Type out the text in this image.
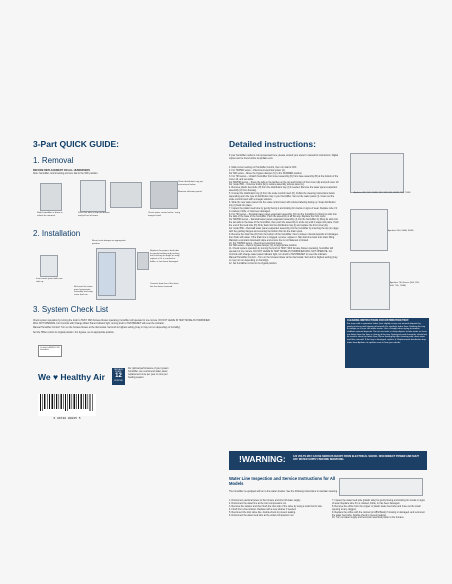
3-Part QUICK GUIDE:
1. Removal
BEFORE REPLACEMENT ON ALL HUMIDIFIERS
Note: humidifier control setting and turn dial to the OFF position.
Clean distribution tray per instructions below.
Remove old water panel.
Slide humidifier in down to unlock for removal.
Press the tabs at top and bottom and pull out of frame.
Check water control valve / using images listed.
2. Installation
Reset scale damper to appropriate position.
Insert water panel with new side up.
Replace the proper, feed tube for gently feeding and pushing into crossing an angle or snap; replace it if it is cracked or brittle, or has been damaged.
Re-Insert the water panel evaporator assembly and snap cover back on.
Connect drain line if the drain line has been removed.
3. System Check List
Check system operation by turning the knob to TEST. With furnace blower operating, humidifier will operate for one minute. DO NOT LEAVE IN TEST MODE AS HUMIDIFIER WILL NOT OPERATE. For Controls with Change Water Panel Indicator light, turning knob to TEST/RESET will reset the indicator.
Manual Humidifier Control: Turn on the furnace blower at the thermostat. Set knob to highest setting (may or may not run depending on humidity).
Set the Hfiller control to original position. For bypass, set to appropriate position.
Certified to ANSI/UL 998 Humidifiers
We ♥ Healthy Air
REPLACE EVERY
12
MONTHS
For optimal performance of your system humidifier, we recommend water panel replacement once per year or once per heating season.
6 86720 00035 5
Detailed instructions:
If your humidifier model is not represented here, please consult your owner's manual for instructions. Digital copies can be found online at aprilaire.com.
1. Mark current setting on Humidifier Control, then turn dial to OFF.
2. For 700/500 series – Disconnect electrical power (2).
For 600 series – Move the bypass damper (C) to the SUMMER position.
3. For 700 series – Unlatch humidifier front cover assembly (D) from base assembly (B) at the bottom of the cover, tilt, and set aside.
For 600/500 series – Press the tabs in the latches on the top and bottom of front cover (E) and pull cover off.
For model 560 – Unscrew knobs (E) to reduce assembly access panel (L).
4. Remove plastic feed tube (H) from the distribution tray (I) if needed. Remove the water panel evaporator assembly (J) from housing.
5. Unsnap the distribution tray (I) from the scale control insert (K). Follow the cleaning instructions below depending upon the type of distribution tray in your humidifier. Set out the water panel (J). Clean out the scale control insert with a vinegar solution.
6. Slide the new water panel into the scale control insert with colored labeling facing up. Snap distribution tray (I) back into place.
7. Inspect the plastic feed tube by gently flexing it and looking for cracks or signs of wear. Replace tube if it is cracked, brittle, or has been damaged.
8. For 700 series – Reinstall water panel evaporator assembly (O) into the humidifier by fitting its slots into the tabs of the base of the humidifier. Push the assembly in all the way. Replace the front cover.
For 600/500 series – Reinstall water panel evaporator assembly (J) into the humidifier by fitting its slots into the two tabs in the base of the humidifier, then push the assembly in at the top until it snaps into place. Push the end of the feed tube (H) firmly back into the distribution tray (I) and replace the front cover (E).
For model 560 – Reinstall water panel evaporator assembly into the humidifier by inserting the top (or edge) with the guiding flanges and ensuring the bottom fits into the drain spout.
9. Remove the drain line (D) from the bottom of the humidifier. Flex to loosen mineral deposits or blockages, then flush with water. If the drain line is clogged, remove, replace it. Slip drain line back onto drain fitting. Maintain a constant downward slope and ensure line is not flattened or kinked.
10. For 700/500 series – Reconnect electrical power.
For 600 series – Return bypass damper (C) to appropriate position.
11. Check system operation by turning the knob to TEST. With furnace blower operating, humidifier will operate for one minute. DO NOT LEAVE IN TEST MODE AS HUMIDIFIER WILL NOT OPERATE. For Controls with change water panel indicator light, turn knob to TEST/RESET to reset the indicator.
Manual Humidifier Control – Turn on the furnace blower at the thermostat. Set knob to highest setting (may or may not run depending on humidity).
12. Set humidifier control to its original position.
Aprilaire 400, 500, 500M, 550, 558, 600, 600M, 700, 700M
Aprilaire 500, 500A, 500M
Aprilaire 700 Series (500, 550, 600, 700, 700M)
CLEANING INSTRUCTIONS FOR DISTRIBUTION TRAY:
For trays with a symmetric holes (see slightly scraps out mineral deposits by gently pinching and tapping at beneath the synthetic fabric liner. Soaking the tray in vinegar or a rinse can make easier. Use a straight when trying to remove stubborn mineral deposits. Do not use tools or sharp objects to take water or clean out debris from the liner or rinsing of the tray. Detergents and chemicals should not be used to clean the fabric liner. Rinse thoroughly after cleaning with clean water and then reinstall. If the tray is damaged, replace it. Replacement distribution tray: order from Aprilaire at aprilaire.com or from your dealer.
!WARNING:	120 VOLTS MAY CAUSE SERIOUS INJURY FROM ELECTRICAL SHOCK. DISCONNECT POWER AND SHUT OFF WATER SUPPLY BEFORE SERVICING.
Water Line Inspection and Service Instructions for All Models
The humidifier is equipped with an in-line water strainer. See the following instructions to maintain cleaning.
1. Disconnect electrical power to the furnace and shut off water supply.
2. Disconnect the water line at the inlet compression nut.
3. Remove the strainer and then flush the inlet side of the valve by using a small cell or wire.
4. Flush the in-line strainer. Replace with a new strainer if needed.
5. Reconnect the inlet valve line, double-check to prevent leaking.
6. Disconnect the water feed tube at the outlet compression nut.
7. Inspect the water feed tube (plastic side) for gently flexing and looking for cracks or signs of wear. Replace tube if it is cracked, brittle, or has been damaged.
8. Remove the orifice from the copper or plastic water feed tube and rinse out the small opening to any clogged.
9. Replace the orifice with the colored (or ABS Black) if missing or damaged, and reconnect the water feed tube. Double-check to prevent leaking.
10. Turn on water supply and reconnect electrical power to the furnace.
